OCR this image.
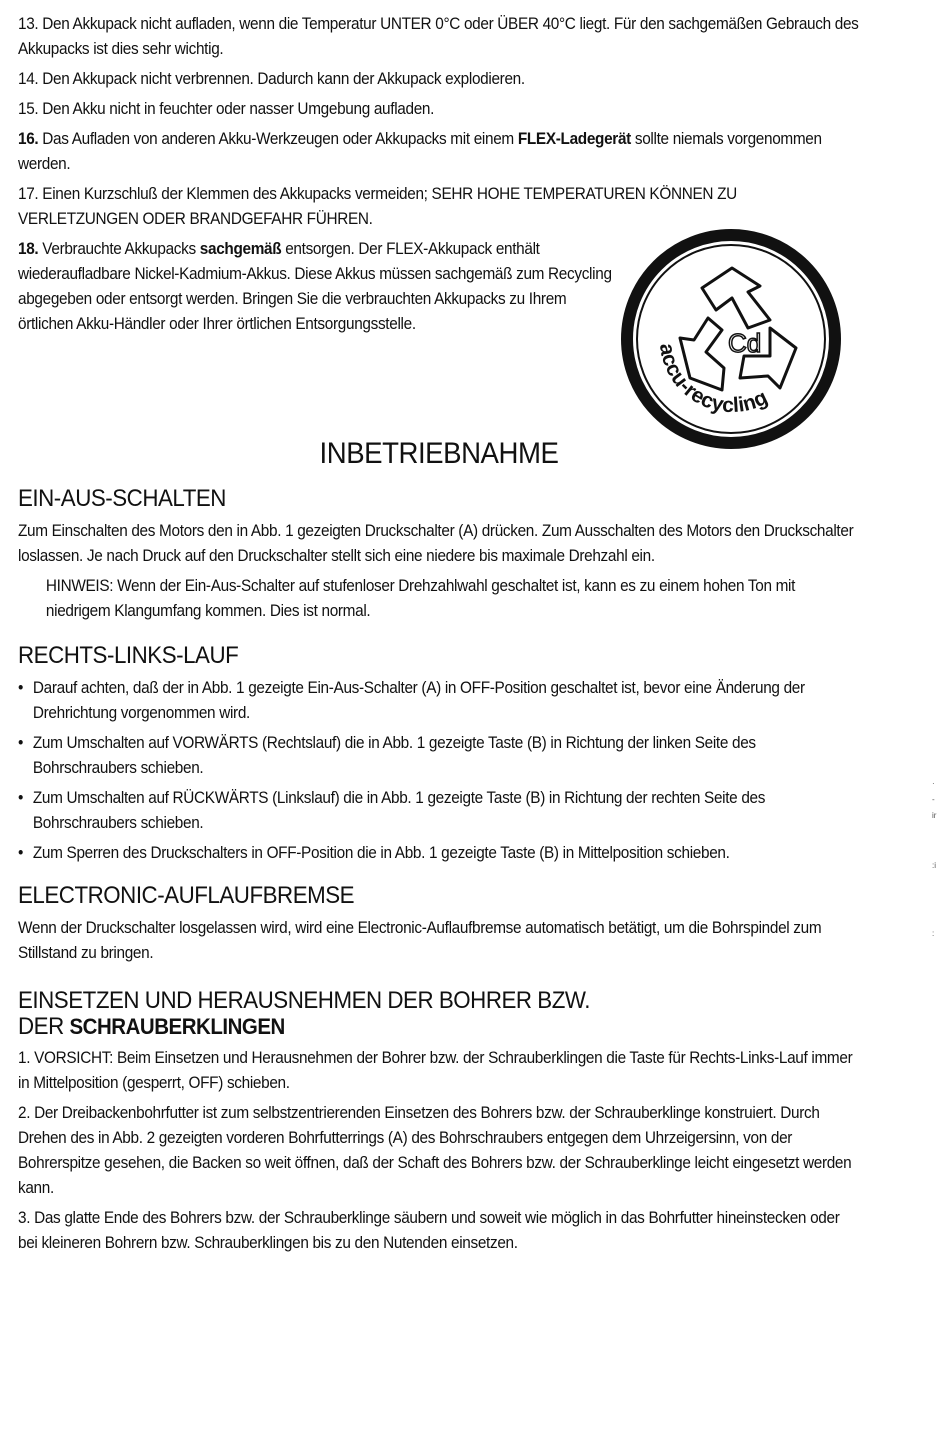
13. Den Akkupack nicht aufladen, wenn die Temperatur UNTER 0°C oder ÜBER 40°C liegt. Für den sachgemäßen Gebrauch des Akkupacks ist dies sehr wichtig.

14. Den Akkupack nicht verbrennen. Dadurch kann der Akkupack explodieren.

15. Den Akku nicht in feuchter oder nasser Umgebung aufladen.

16. Das Aufladen von anderen Akku-Werkzeugen oder Akkupacks mit einem FLEX-Ladegerät sollte niemals vorgenommen werden.

17. Einen Kurzschluß der Klemmen des Akkupacks vermeiden; SEHR HOHE TEMPERATUREN KÖNNEN ZU VERLETZUNGEN ODER BRANDGEFAHR FÜHREN.

18. Verbrauchte Akkupacks sachgemäß entsorgen. Der FLEX-Akkupack enthält wiederaufladbare Nickel-Kadmium-Akkus. Diese Akkus müssen sachgemäß zum Recycling abgegeben oder entsorgt werden. Bringen Sie die verbrauchten Akkupacks zu Ihrem örtlichen Akku-Händler oder Ihrer örtlichen Entsorgungsstelle.

INBETRIEBNAHME
EIN-AUS-SCHALTEN

Zum Einschalten des Motors den in Abb. 1 gezeigten Druckschalter (A) drücken. Zum Ausschalten des Motors den Druckschalter loslassen. Je nach Druck auf den Druckschalter stellt sich eine niedere bis maximale Drehzahl ein.

HINWEIS: Wenn der Ein-Aus-Schalter auf stufenloser Drehzahlwahl geschaltet ist, kann es zu einem hohen Ton mit niedrigem Klangumfang kommen. Dies ist normal.

RECHTS-LINKS-LAUF

• Darauf achten, daß der in Abb. 1 gezeigte Ein-Aus-Schalter (A) in OFF-Position geschaltet ist, bevor eine Änderung der Drehrichtung vorgenommen wird.

• Zum Umschalten auf VORWÄRTS (Rechtslauf) die in Abb. 1 gezeigte Taste (B) in Richtung der linken Seite des Bohrschraubers schieben.

• Zum Umschalten auf RÜCKWÄRTS (Linkslauf) die in Abb. 1 gezeigte Taste (B) in Richtung der rechten Seite des Bohrschraubers schieben.

• Zum Sperren des Druckschalters in OFF-Position die in Abb. 1 gezeigte Taste (B) in Mittelposition schieben.

ELECTRONIC-AUFLAUFBREMSE

Wenn der Druckschalter losgelassen wird, wird eine Electronic-Auflaufbremse automatisch betätigt, um die Bohrspindel zum Stillstand zu bringen.

EINSETZEN UND HERAUSNEHMEN DER BOHRER BZW.
DER SCHRAUBERKLINGEN

1. VORSICHT: Beim Einsetzen und Herausnehmen der Bohrer bzw. der Schrauberklingen die Taste für Rechts-Links-Lauf immer in Mittelposition (gesperrt, OFF) schieben.

2. Der Dreibackenbohrfutter ist zum selbstzentrierenden Einsetzen des Bohrers bzw. der Schrauberklinge konstruiert. Durch Drehen des in Abb. 2 gezeigten vorderen Bohrfutterrings (A) des Bohrschraubers entgegen dem Uhrzeigersinn, von der Bohrerspitze gesehen, die Backen so weit öffnen, daß der Schaft des Bohrers bzw. der Schrauberklinge leicht eingesetzt werden kann.

3. Das glatte Ende des Bohrers bzw. der Schrauberklinge säubern und soweit wie möglich in das Bohrfutter hineinstecken oder bei kleineren Bohrern bzw. Schrauberklingen bis zu den Nutenden einsetzen.

Cd
accu-recycling
·
-
ir
:i
:
